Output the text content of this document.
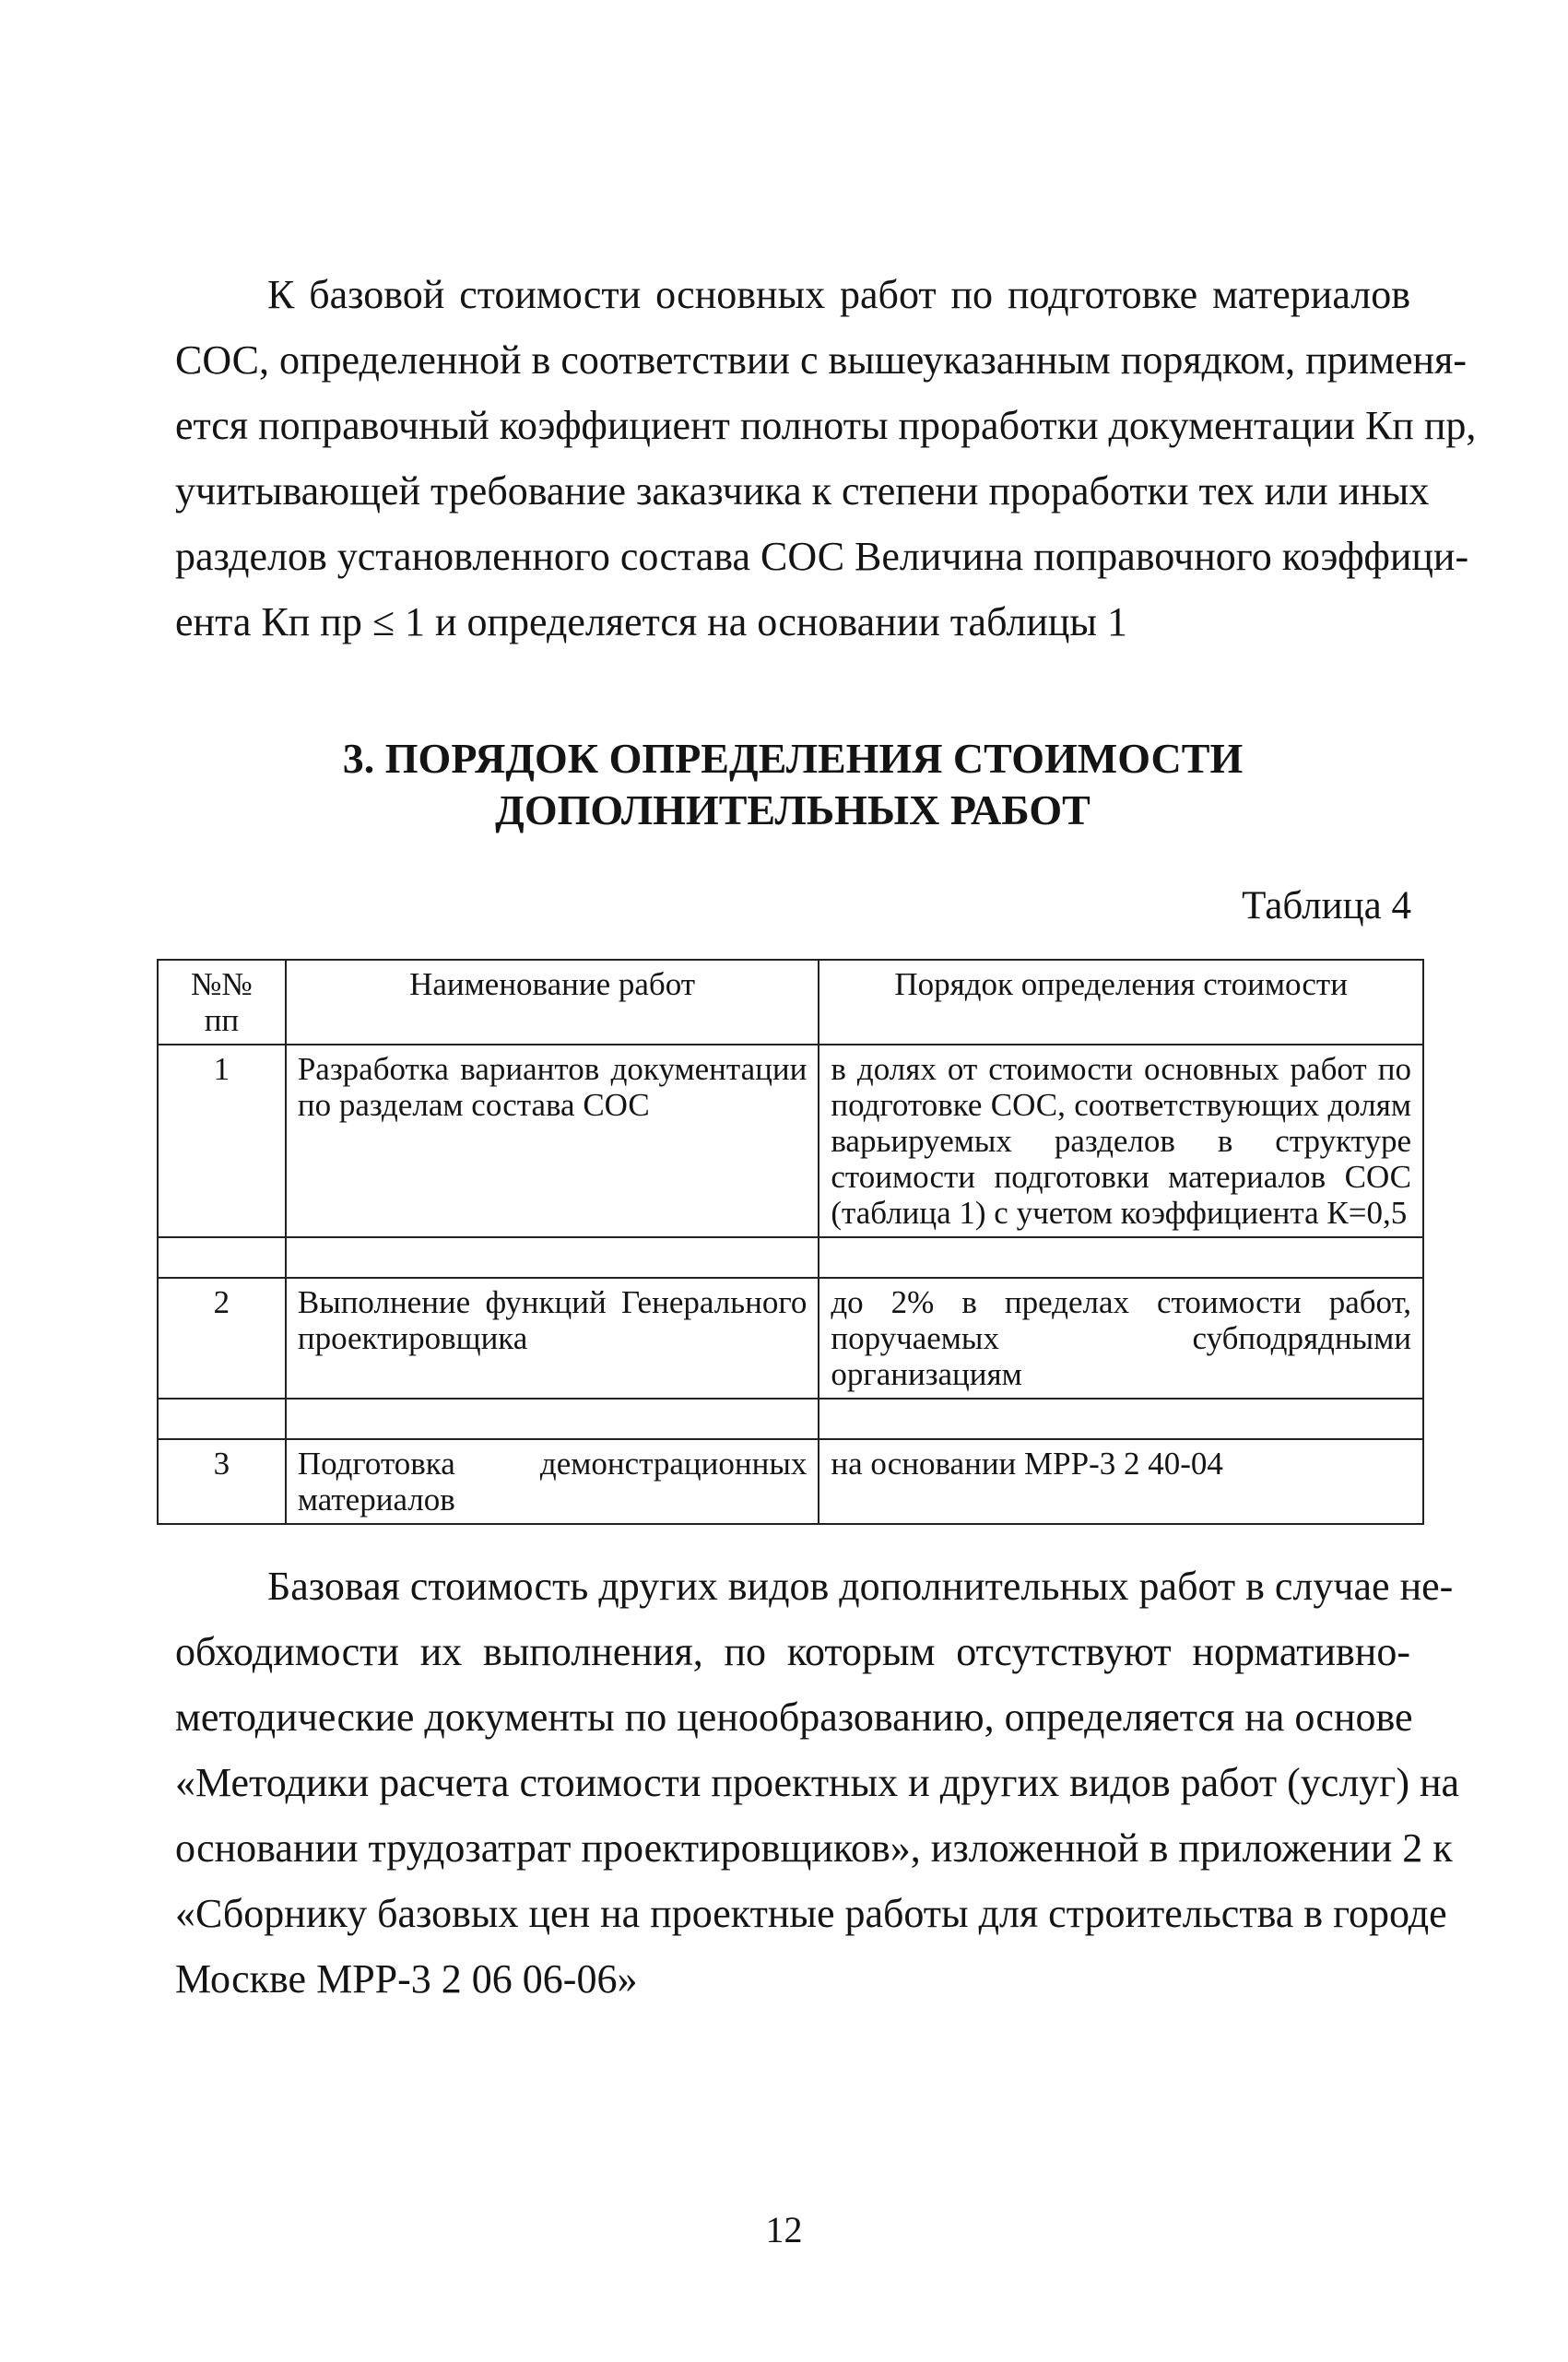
К базовой стоимости основных работ по подготовке материалов
СОС, определенной в соответствии с вышеуказанным порядком, применя-
ется поправочный коэффициент полноты проработки документации Кп пр,
учитывающей требование заказчика к степени проработки тех или иных
разделов установленного состава СОС Величина поправочного коэффици-
ента Кп пр ≤ 1 и определяется на основании таблицы 1
3. ПОРЯДОК ОПРЕДЕЛЕНИЯ СТОИМОСТИ
ДОПОЛНИТЕЛЬНЫХ РАБОТ
Таблица 4
№№ пп	Наименование работ	Порядок определения стоимости
1	Разработка вариантов документации по разделам состава СОС	в долях от стоимости основных работ по подготовке СОС, соответствующих долям варьируемых разделов в структуре стоимости подготовки материалов СОС (таблица 1) с учетом коэффициента К=0,5

2	Выполнение функций Генерального проектировщика	до 2% в пределах стоимости работ, поручаемых субподрядными организациям

3	Подготовка демонстрационных материалов	на основании МРР-3 2 40-04
Базовая стоимость других видов дополнительных работ в случае не-
обходимости их выполнения, по которым отсутствуют нормативно-
методические документы по ценообразованию, определяется на основе
«Методики расчета стоимости проектных и других видов работ (услуг) на
основании трудозатрат проектировщиков», изложенной в приложении 2 к
«Сборнику базовых цен на проектные работы для строительства в городе
Москве МРР-3 2 06 06-06»
12
